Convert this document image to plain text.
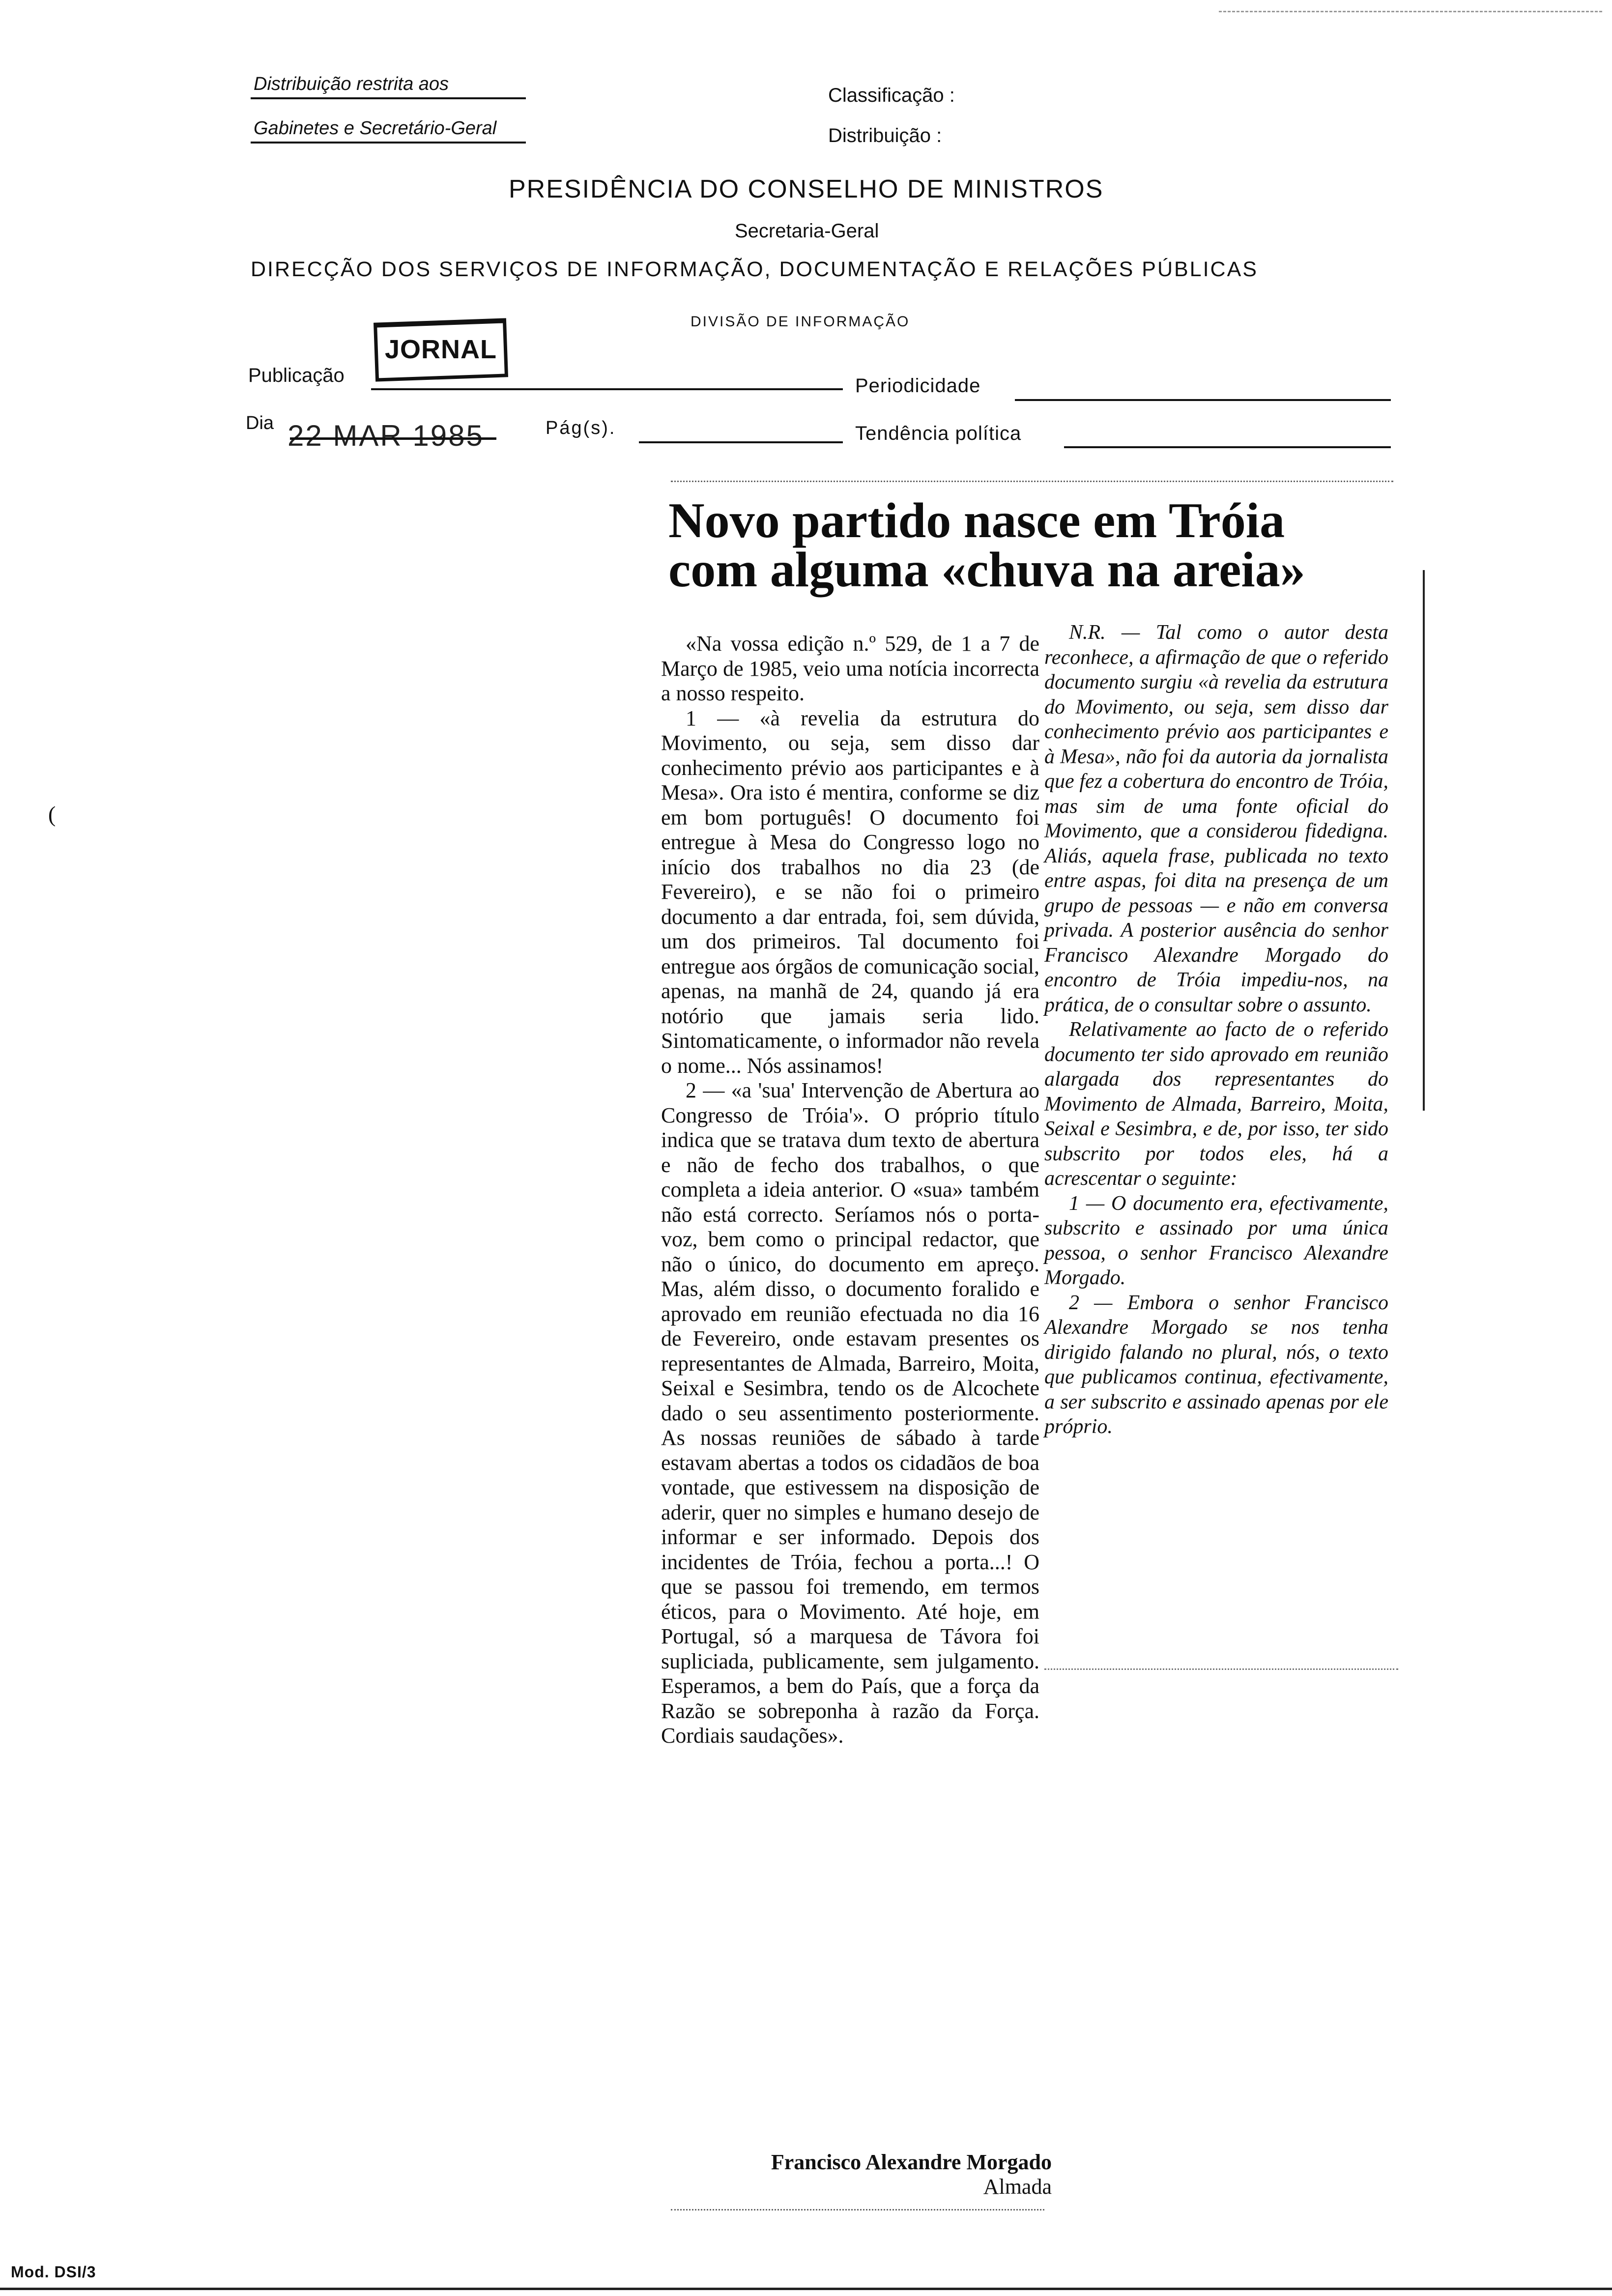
Distribuição restrita aos
Gabinetes e Secretário-Geral
Classificação :
Distribuição :
PRESIDÊNCIA DO CONSELHO DE MINISTROS
Secretaria-Geral
DIRECÇÃO DOS SERVIÇOS DE INFORMAÇÃO, DOCUMENTAÇÃO E RELAÇÕES PÚBLICAS
DIVISÃO DE INFORMAÇÃO
JORNAL
Publicação	Periodicidade
Dia 22 MAR 1985	Pág(s).	Tendência política
Novo partido nasce em Tróia com alguma «chuva na areia»

«Na vossa edição n.º 529, de 1 a 7 de Março de 1985, veio uma notícia incorrecta a nosso respeito.

1 — «à revelia da estrutura do Movimento, ou seja, sem disso dar conhecimento prévio aos participantes e à Mesa». Ora isto é mentira, conforme se diz em bom português! O documento foi entregue à Mesa do Congresso logo no início dos trabalhos no dia 23 (de Fevereiro), e se não foi o primeiro documento a dar entrada, foi, sem dúvida, um dos primeiros. Tal documento foi entregue aos órgãos de comunicação social, apenas, na manhã de 24, quando já era notório que jamais seria lido. Sintomaticamente, o informador não revela o nome... Nós assinamos!

2 — «a 'sua' Intervenção de Abertura ao Congresso de Tróia'». O próprio título indica que se tratava dum texto de abertura e não de fecho dos trabalhos, o que completa a ideia anterior. O «sua» também não está correcto. Seríamos nós o porta-voz, bem como o principal redactor, que não o único, do documento em apreço. Mas, além disso, o documento foralido e aprovado em reunião efectuada no dia 16 de Fevereiro, onde estavam presentes os representantes de Almada, Barreiro, Moita, Seixal e Sesimbra, tendo os de Alcochete dado o seu assentimento posteriormente. As nossas reuniões de sábado à tarde estavam abertas a todos os cidadãos de boa vontade, que estivessem na disposição de aderir, quer no simples e humano desejo de informar e ser informado. Depois dos incidentes de Tróia, fechou a porta...! O que se passou foi tremendo, em termos éticos, para o Movimento. Até hoje, em Portugal, só a marquesa de Távora foi supliciada, publicamente, sem julgamento. Esperamos, a bem do País, que a força da Razão se sobreponha à razão da Força. Cordiais saudações».

Francisco Alexandre Morgado
Almada

N.R. — Tal como o autor desta reconhece, a afirmação de que o referido documento surgiu «à revelia da estrutura do Movimento, ou seja, sem disso dar conhecimento prévio aos participantes e à Mesa», não foi da autoria da jornalista que fez a cobertura do encontro de Tróia, mas sim de uma fonte oficial do Movimento, que a considerou fidedigna. Aliás, aquela frase, publicada no texto entre aspas, foi dita na presença de um grupo de pessoas — e não em conversa privada. A posterior ausência do senhor Francisco Alexandre Morgado do encontro de Tróia impediu-nos, na prática, de o consultar sobre o assunto.

Relativamente ao facto de o referido documento ter sido aprovado em reunião alargada dos representantes do Movimento de Almada, Barreiro, Moita, Seixal e Sesimbra, e de, por isso, ter sido subscrito por todos eles, há a acrescentar o seguinte:

1 — O documento era, efectivamente, subscrito e assinado por uma única pessoa, o senhor Francisco Alexandre Morgado.

2 — Embora o senhor Francisco Alexandre Morgado se nos tenha dirigido falando no plural, nós, o texto que publicamos continua, efectivamente, a ser subscrito e assinado apenas por ele próprio.

(
Mod. DSI/3
